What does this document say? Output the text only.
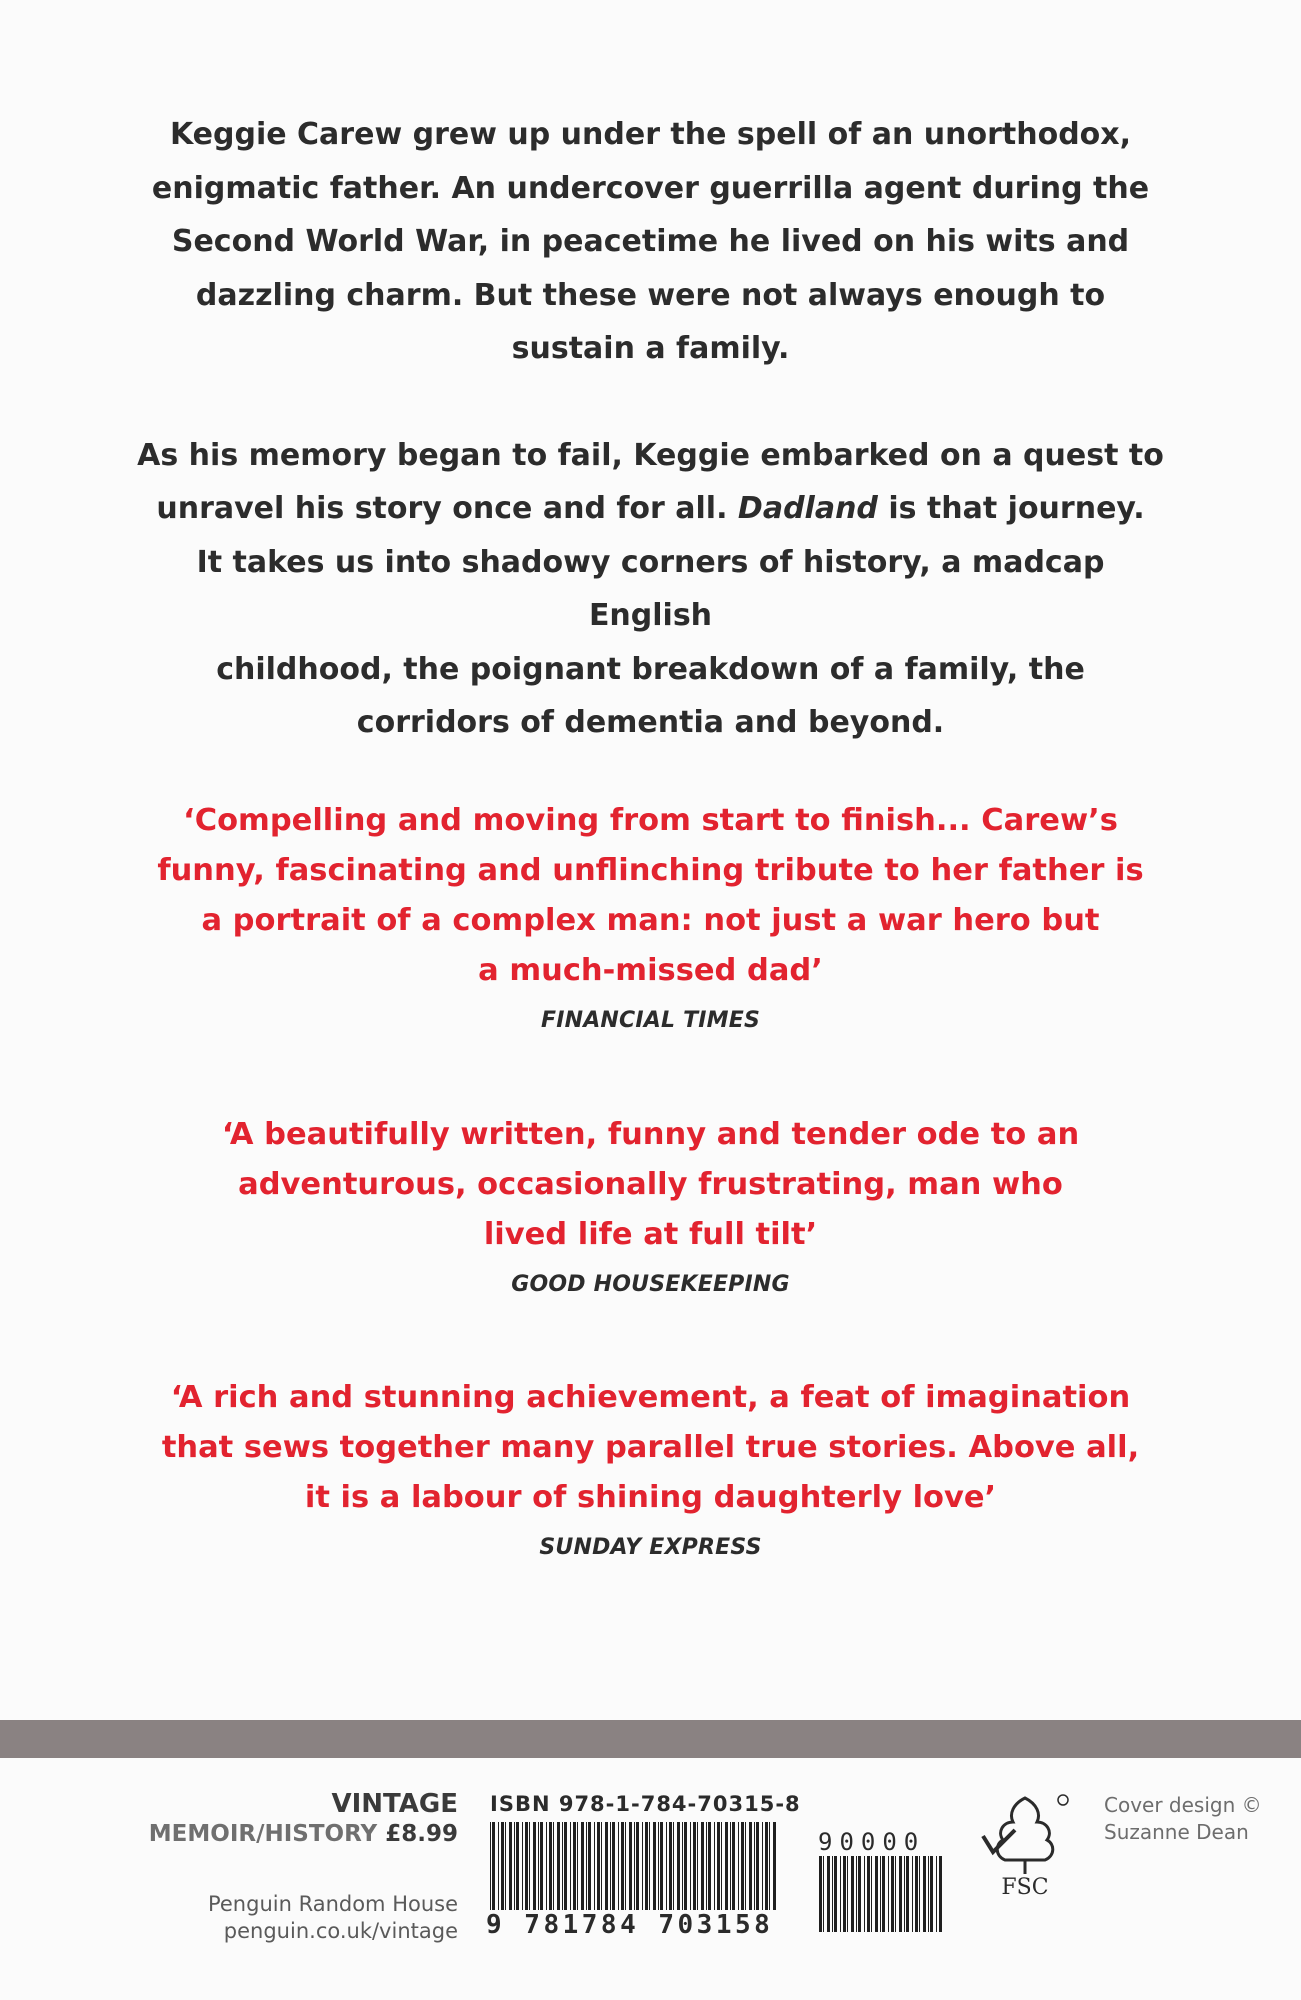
Keggie Carew grew up under the spell of an unorthodox,
enigmatic father. An undercover guerrilla agent during the
Second World War, in peacetime he lived on his wits and
dazzling charm. But these were not always enough to
sustain a family.

As his memory began to fail, Keggie embarked on a quest to
unravel his story once and for all. Dadland is that journey.
It takes us into shadowy corners of history, a madcap English
childhood, the poignant breakdown of a family, the
corridors of dementia and beyond.

‘Compelling and moving from start to finish... Carew’s
funny, fascinating and unflinching tribute to her father is
a portrait of a complex man: not just a war hero but
a much-missed dad’

FINANCIAL TIMES

‘A beautifully written, funny and tender ode to an
adventurous, occasionally frustrating, man who
lived life at full tilt’

GOOD HOUSEKEEPING

‘A rich and stunning achievement, a feat of imagination
that sews together many parallel true stories. Above all,
it is a labour of shining daughterly love’

SUNDAY EXPRESS
VINTAGE
MEMOIR/HISTORY £8.99
Penguin Random House
penguin.co.uk/vintage
ISBN 978-1-784-70315-8
9 781784 703158
90000
FSC
Cover design ©
Suzanne Dean
